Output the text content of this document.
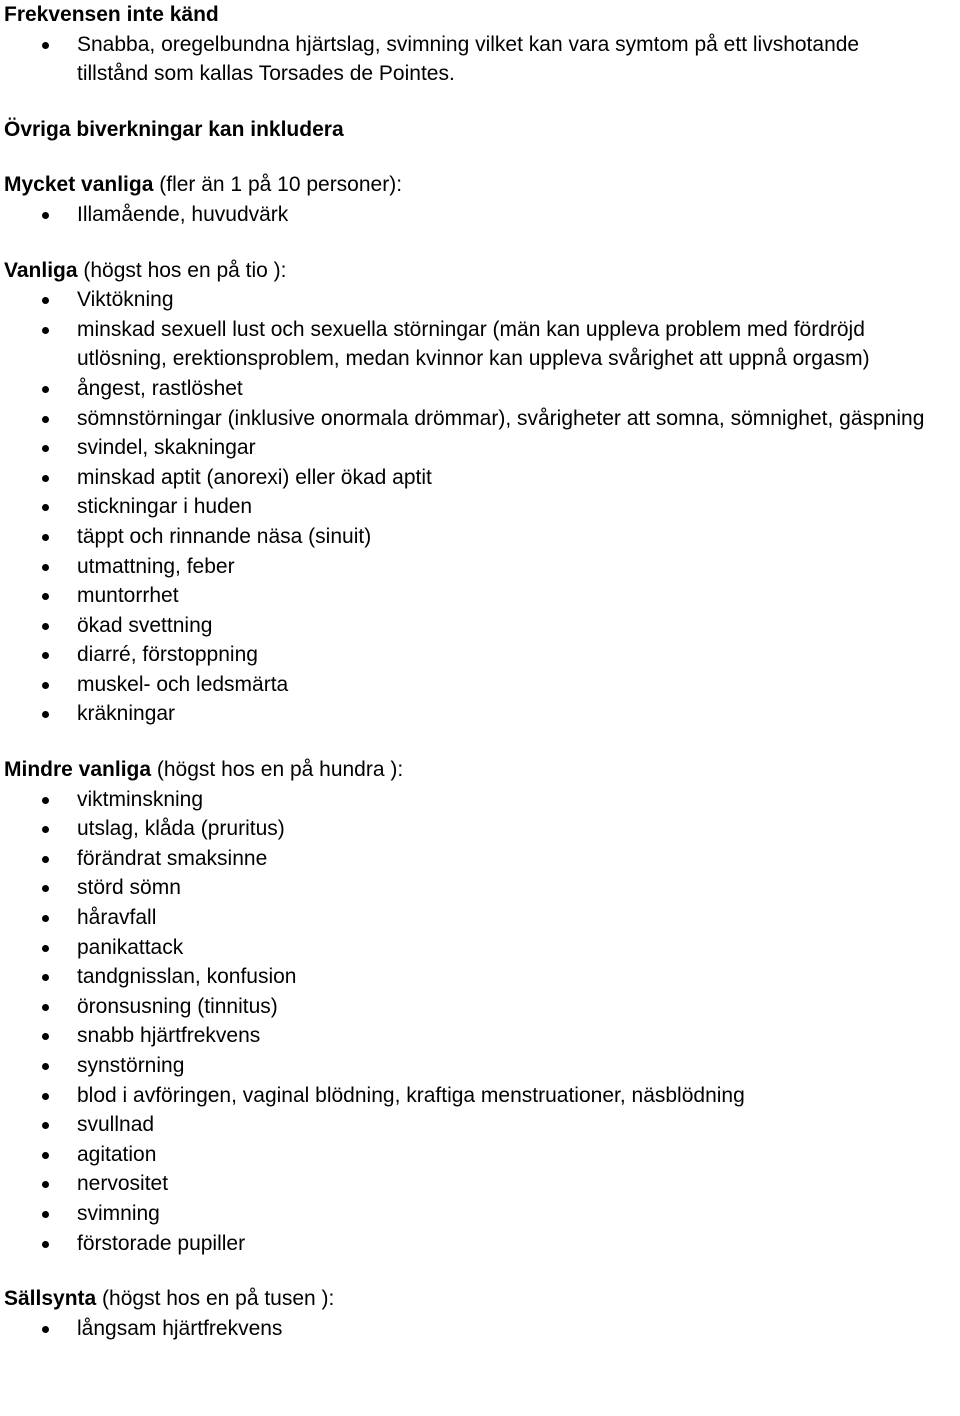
Frekvensen inte känd

Snabba, oregelbundna hjärtslag, svimning vilket kan vara symtom på ett livshotande tillstånd som kallas Torsades de Pointes.

Övriga biverkningar kan inkludera

Mycket vanliga (fler än 1 på 10 personer):

Illamående, huvudvärk

Vanliga (högst hos en på tio ):

Viktökning
minskad sexuell lust och sexuella störningar (män kan uppleva problem med fördröjd utlösning, erektionsproblem, medan kvinnor kan uppleva svårighet att uppnå orgasm)
ångest, rastlöshet
sömnstörningar (inklusive onormala drömmar), svårigheter att somna, sömnighet, gäspning
svindel, skakningar
minskad aptit (anorexi) eller ökad aptit
stickningar i huden
täppt och rinnande näsa (sinuit)
utmattning, feber
muntorrhet
ökad svettning
diarré, förstoppning
muskel- och ledsmärta
kräkningar

Mindre vanliga (högst hos en på hundra ):

viktminskning
utslag, klåda (pruritus)
förändrat smaksinne
störd sömn
håravfall
panikattack
tandgnisslan, konfusion
öronsusning (tinnitus)
snabb hjärtfrekvens
synstörning
blod i avföringen, vaginal blödning, kraftiga menstruationer, näsblödning
svullnad
agitation
nervositet
svimning
förstorade pupiller

Sällsynta (högst hos en på tusen ):

långsam hjärtfrekvens
